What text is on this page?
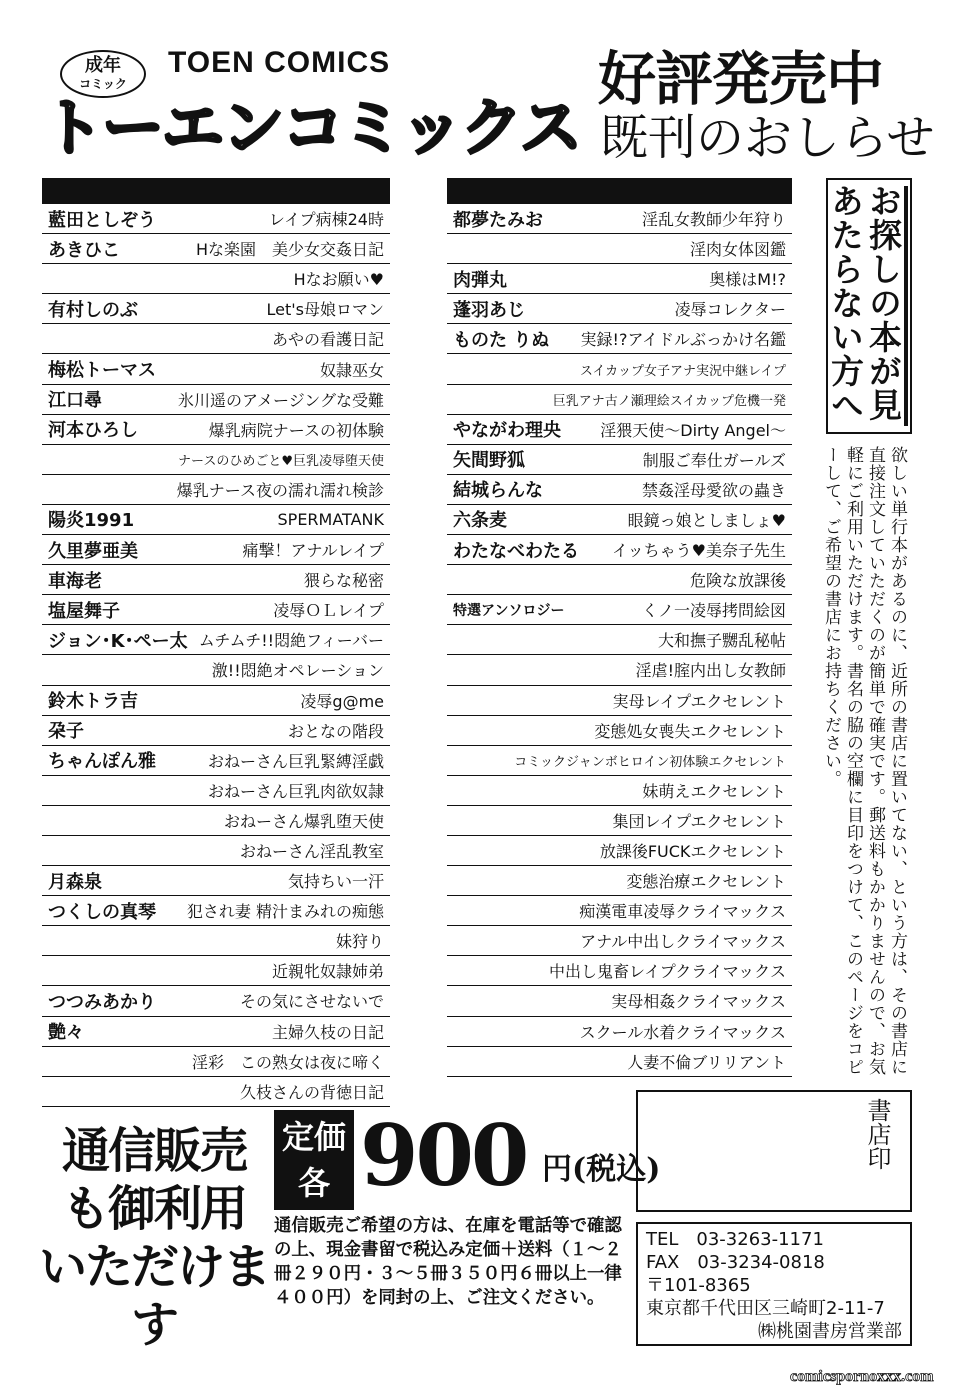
成年
コミック
TOEN COMICS
トーエンコミックス
好評発売中
既刊のおしらせ
藍田としぞう	レイプ病棟24時
あきひこ	Hな楽園　美少女交姦日記
Hなお願い♥
有村しのぶ	Let's母娘ロマン
あやの看護日記
梅松トーマス	奴隷巫女
江口尋	氷川遥のアメージングな受難
河本ひろし	爆乳病院ナースの初体験
ナースのひめごと♥巨乳凌辱堕天使
爆乳ナース夜の濡れ濡れ検診
陽炎1991	SPERMATANK
久里夢亜美	痛撃！アナルレイプ
車海老	猥らな秘密
塩屋舞子	凌辱ＯＬレイプ
ジョン･K･ペー太 ムチムチ!!悶絶フィーバー
激!!悶絶オペレーション
鈴木トラ吉	凌辱g@me
朶子	おとなの階段
ちゃんぽん雅	おねーさん巨乳緊縛淫戯
おねーさん巨乳肉欲奴隷
おねーさん爆乳堕天使
おねーさん淫乱教室
月森泉	気持ちい一汗
つくしの真琴 犯され妻 精汁まみれの痴態
妹狩り
近親牝奴隷姉弟
つつみあかり	その気にさせないで
艶々	主婦久枝の日記
淫彩　この熟女は夜に啼く
久枝さんの背徳日記
都夢たみお	淫乱女教師少年狩り
淫肉女体図鑑
肉弾丸	奥様はM!?
蓬羽あじ	凌辱コレクター
ものた りぬ 実録!?アイドルぶっかけ名鑑
スイカップ女子アナ実況中継レイプ
巨乳アナ古ノ瀬理絵スイカップ危機一発
やながわ理央 淫猥天使〜Dirty Angel〜
矢間野狐	制服ご奉仕ガールズ
結城らんな	禁姦淫母愛欲の蟲き
六条麦	眼鏡っ娘としましょ♥
わたなべわたる イッちゃう♥美奈子先生
危険な放課後
特選アンソロジー	くノ一凌辱拷問絵図
大和撫子嬲乱秘帖
淫虐!腟内出し女教師
実母レイプエクセレント
変態処女喪失エクセレント
コミックジャンボヒロイン初体験エクセレント
妹萌えエクセレント
集団レイプエクセレント
放課後FUCKエクセレント
変態治療エクセレント
痴漢電車凌辱クライマックス
アナル中出しクライマックス
中出し鬼畜レイプクライマックス
実母相姦クライマックス
スクール水着クライマックス
人妻不倫ブリリアント
お探しの本が見あたらない方へ
欲しい単行本があるのに、近所の書店に置いてない、という方は、その書店に直接注文していただくのが簡単で確実です。郵送料もかかりませんので、お気軽にご利用いただけます。書名の脇の空欄に目印をつけて、このページをコピーして、ご希望の書店にお持ちください。
書店印
通信販売
も御利用
いただけます
定価
各 900 円(税込)
通信販売ご希望の方は、在庫を電話等で確認の上、現金書留で税込み定価＋送料（１〜２冊２９０円・３〜５冊３５０円６冊以上一律４００円）を同封の上、ご注文ください。
TEL　03-3263-1171
FAX　03-3234-0818
〒101-8365
東京都千代田区三崎町2-11-7
㈱桃園書房営業部
comicspornoxxx.com
